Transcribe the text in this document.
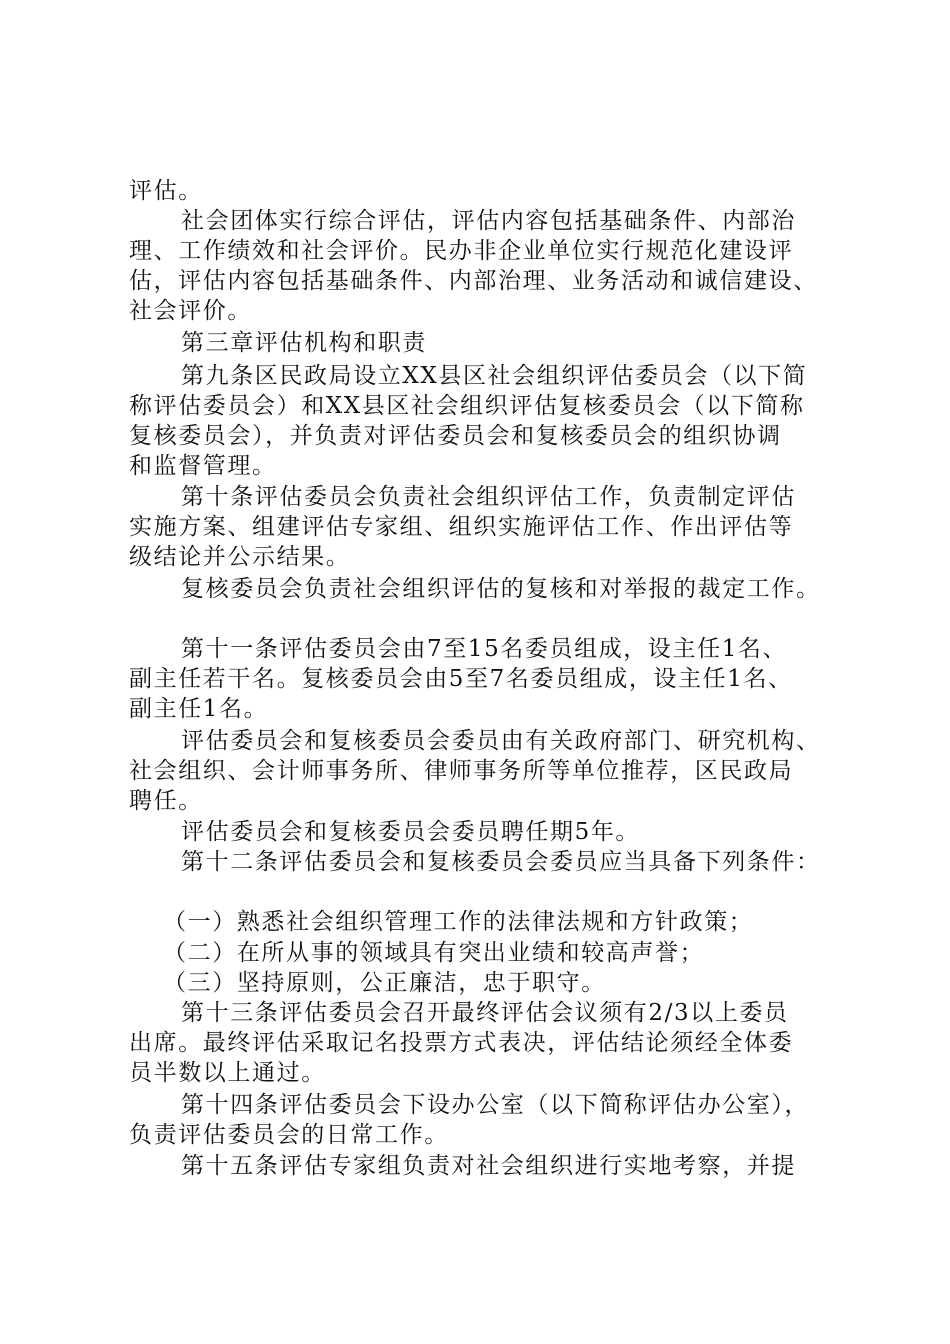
评估。
社会团体实行综合评估，评估内容包括基础条件、内部治
理、工作绩效和社会评价。民办非企业单位实行规范化建设评
估，评估内容包括基础条件、内部治理、业务活动和诚信建设、
社会评价。
第三章评估机构和职责
第九条区民政局设立XX县区社会组织评估委员会（以下简
称评估委员会）和XX县区社会组织评估复核委员会（以下简称
复核委员会），并负责对评估委员会和复核委员会的组织协调
和监督管理。
第十条评估委员会负责社会组织评估工作，负责制定评估
实施方案、组建评估专家组、组织实施评估工作、作出评估等
级结论并公示结果。
复核委员会负责社会组织评估的复核和对举报的裁定工作。
第十一条评估委员会由7至15名委员组成，设主任1名、
副主任若干名。复核委员会由5至7名委员组成，设主任1名、
副主任1名。
评估委员会和复核委员会委员由有关政府部门、研究机构、
社会组织、会计师事务所、律师事务所等单位推荐，区民政局
聘任。
评估委员会和复核委员会委员聘任期5年。
第十二条评估委员会和复核委员会委员应当具备下列条件：
（一）熟悉社会组织管理工作的法律法规和方针政策；
（二）在所从事的领域具有突出业绩和较高声誉；
（三）坚持原则，公正廉洁，忠于职守。
第十三条评估委员会召开最终评估会议须有2/3以上委员
出席。最终评估采取记名投票方式表决，评估结论须经全体委
员半数以上通过。
第十四条评估委员会下设办公室（以下简称评估办公室），
负责评估委员会的日常工作。
第十五条评估专家组负责对社会组织进行实地考察，并提
